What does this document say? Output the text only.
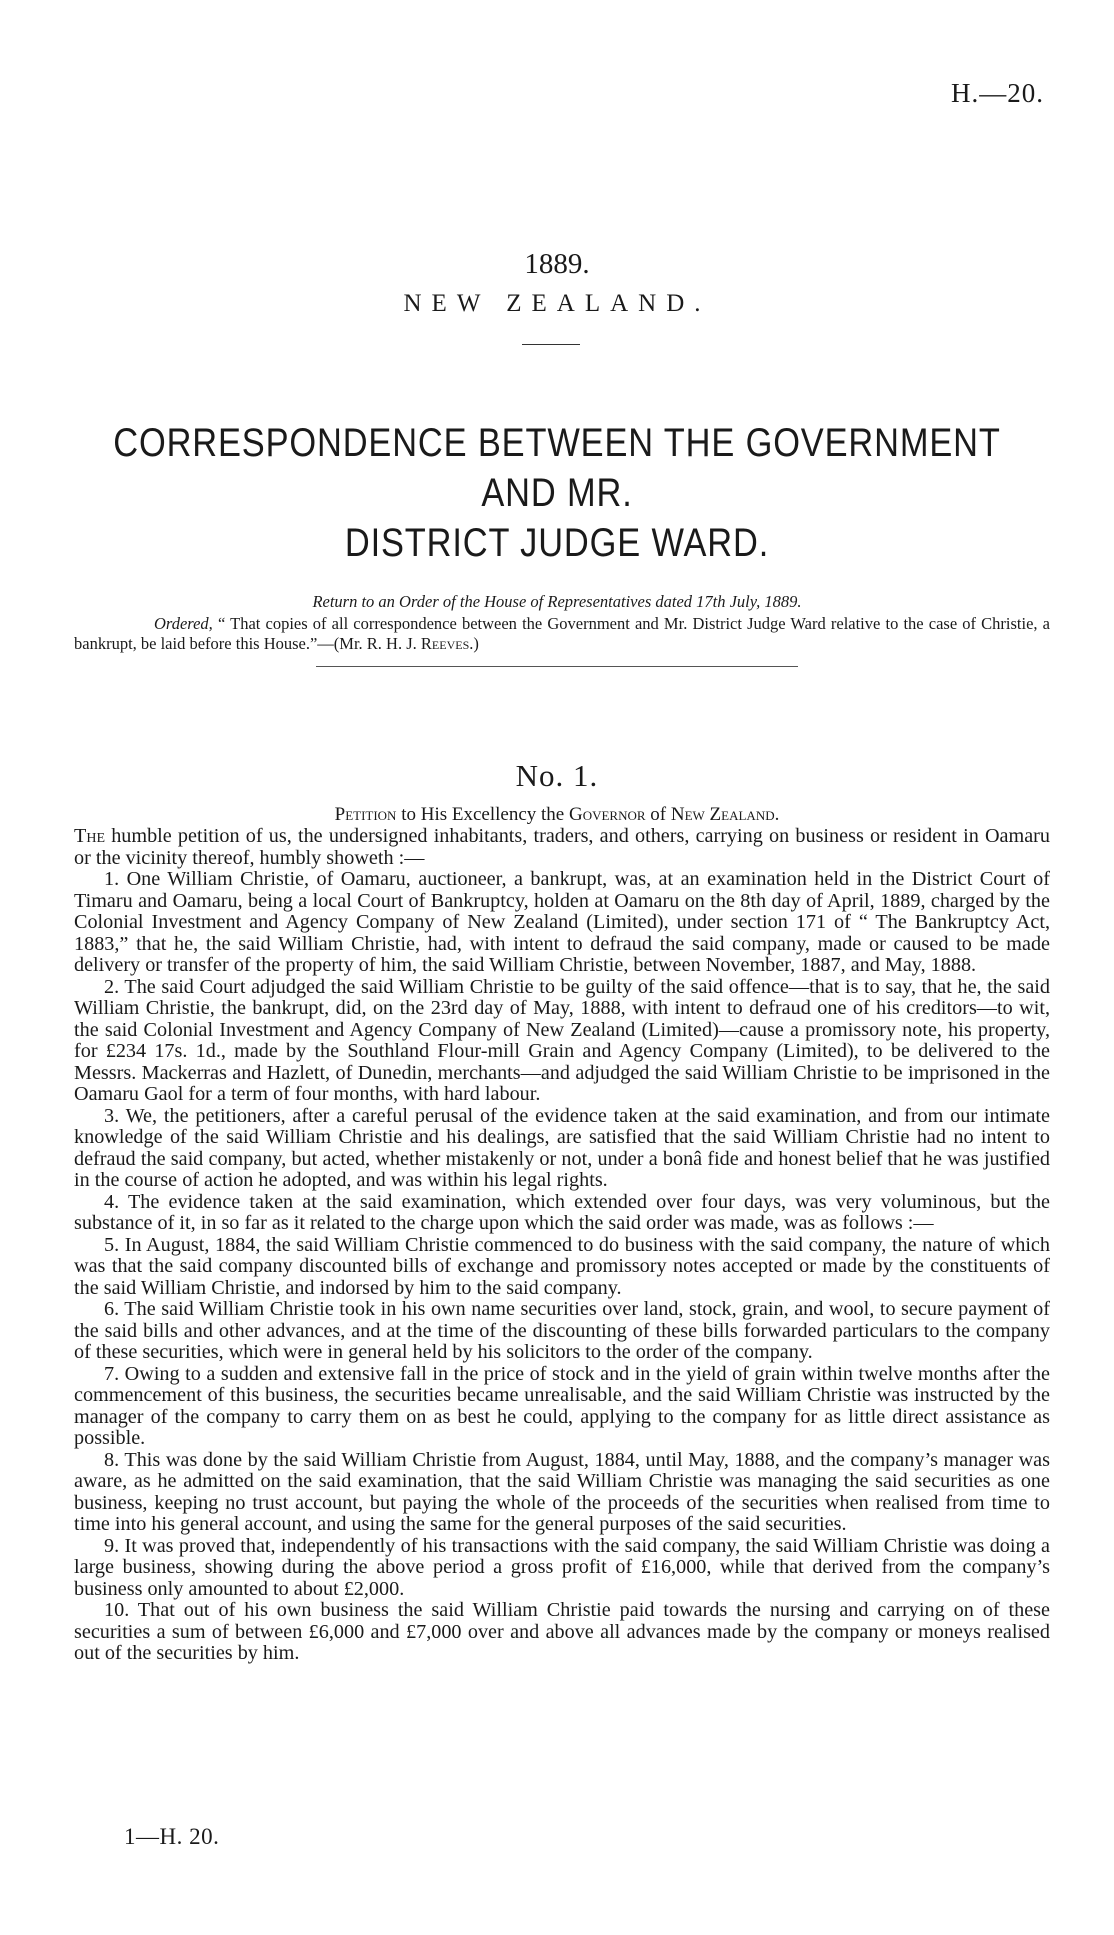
H.—20.
1889.
NEW ZEALAND.
CORRESPONDENCE BETWEEN THE GOVERNMENT AND MR.
DISTRICT JUDGE WARD.
Return to an Order of the House of Representatives dated 17th July, 1889.
Ordered, “ That copies of all correspondence between the Government and Mr. District Judge Ward relative to the case of Christie, a bankrupt, be laid before this House.”—(Mr. R. H. J. Reeves.)
No. 1.
Petition to His Excellency the Governor of New Zealand.

The humble petition of us, the undersigned inhabitants, traders, and others, carrying on business or resident in Oamaru or the vicinity thereof, humbly showeth :—

1. One William Christie, of Oamaru, auctioneer, a bankrupt, was, at an examination held in the District Court of Timaru and Oamaru, being a local Court of Bankruptcy, holden at Oamaru on the 8th day of April, 1889, charged by the Colonial Investment and Agency Company of New Zealand (Limited), under section 171 of “ The Bankruptcy Act, 1883,” that he, the said William Christie, had, with intent to defraud the said company, made or caused to be made delivery or transfer of the property of him, the said William Christie, between November, 1887, and May, 1888.

2. The said Court adjudged the said William Christie to be guilty of the said offence—that is to say, that he, the said William Christie, the bankrupt, did, on the 23rd day of May, 1888, with intent to defraud one of his creditors—to wit, the said Colonial Investment and Agency Company of New Zealand (Limited)—cause a promissory note, his property, for £234 17s. 1d., made by the Southland Flour-mill Grain and Agency Company (Limited), to be delivered to the Messrs. Mackerras and Hazlett, of Dunedin, merchants—and adjudged the said William Christie to be imprisoned in the Oamaru Gaol for a term of four months, with hard labour.

3. We, the petitioners, after a careful perusal of the evidence taken at the said examination, and from our intimate knowledge of the said William Christie and his dealings, are satisfied that the said William Christie had no intent to defraud the said company, but acted, whether mistakenly or not, under a bonâ fide and honest belief that he was justified in the course of action he adopted, and was within his legal rights.

4. The evidence taken at the said examination, which extended over four days, was very voluminous, but the substance of it, in so far as it related to the charge upon which the said order was made, was as follows :—

5. In August, 1884, the said William Christie commenced to do business with the said company, the nature of which was that the said company discounted bills of exchange and promissory notes accepted or made by the constituents of the said William Christie, and indorsed by him to the said company.

6. The said William Christie took in his own name securities over land, stock, grain, and wool, to secure payment of the said bills and other advances, and at the time of the discounting of these bills forwarded particulars to the company of these securities, which were in general held by his solicitors to the order of the company.

7. Owing to a sudden and extensive fall in the price of stock and in the yield of grain within twelve months after the commencement of this business, the securities became unrealisable, and the said William Christie was instructed by the manager of the company to carry them on as best he could, applying to the company for as little direct assistance as possible.

8. This was done by the said William Christie from August, 1884, until May, 1888, and the company’s manager was aware, as he admitted on the said examination, that the said William Christie was managing the said securities as one business, keeping no trust account, but paying the whole of the proceeds of the securities when realised from time to time into his general account, and using the same for the general purposes of the said securities.

9. It was proved that, independently of his transactions with the said company, the said William Christie was doing a large business, showing during the above period a gross profit of £16,000, while that derived from the company’s business only amounted to about £2,000.

10. That out of his own business the said William Christie paid towards the nursing and carrying on of these securities a sum of between £6,000 and £7,000 over and above all advances made by the company or moneys realised out of the securities by him.

1—H. 20.
